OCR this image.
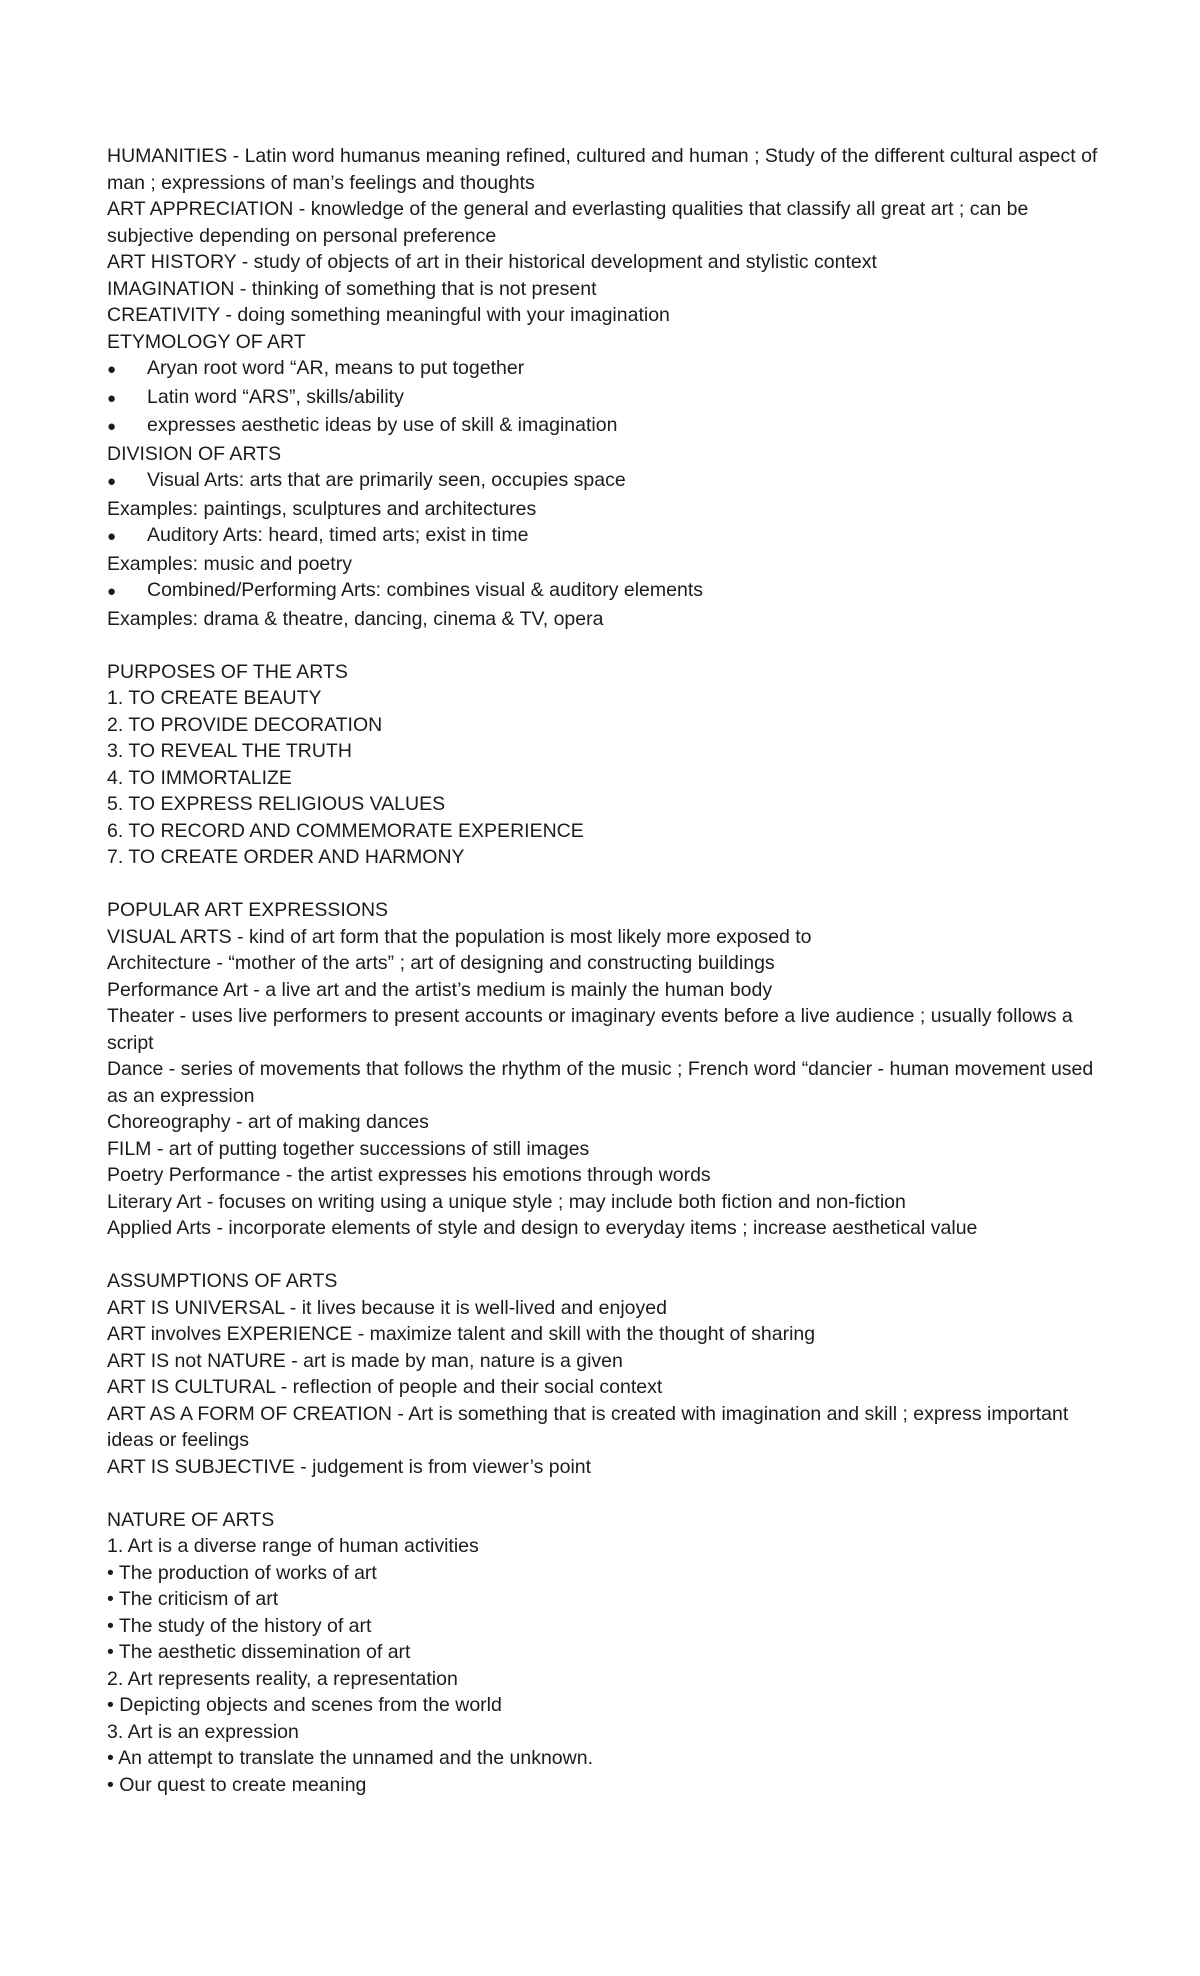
HUMANITIES - Latin word humanus meaning refined, cultured and human ; Study of the different cultural aspect of man ; expressions of man’s feelings and thoughts

ART APPRECIATION - knowledge of the general and everlasting qualities that classify all great art ; can be subjective depending on personal preference

ART HISTORY - study of objects of art in their historical development and stylistic context

IMAGINATION - thinking of something that is not present

CREATIVITY - doing something meaningful with your imagination

ETYMOLOGY OF ART

●	Aryan root word “AR, means to put together
●	Latin word “ARS”, skills/ability
●	expresses aesthetic ideas by use of skill & imagination

DIVISION OF ARTS

●	Visual Arts: arts that are primarily seen, occupies space

Examples: paintings, sculptures and architectures

●	Auditory Arts: heard, timed arts; exist in time

Examples: music and poetry

●	Combined/Performing Arts: combines visual & auditory elements

Examples: drama & theatre, dancing, cinema & TV, opera

PURPOSES OF THE ARTS

1. TO CREATE BEAUTY

2. TO PROVIDE DECORATION

3. TO REVEAL THE TRUTH

4. TO IMMORTALIZE

5. TO EXPRESS RELIGIOUS VALUES

6. TO RECORD AND COMMEMORATE EXPERIENCE

7. TO CREATE ORDER AND HARMONY

POPULAR ART EXPRESSIONS

VISUAL ARTS - kind of art form that the population is most likely more exposed to

Architecture - “mother of the arts” ; art of designing and constructing buildings

Performance Art - a live art and the artist’s medium is mainly the human body

Theater - uses live performers to present accounts or imaginary events before a live audience ; usually follows a script

Dance - series of movements that follows the rhythm of the music ; French word “dancier - human movement used as an expression

Choreography - art of making dances

FILM - art of putting together successions of still images

Poetry Performance - the artist expresses his emotions through words

Literary Art - focuses on writing using a unique style ; may include both fiction and non-fiction

Applied Arts - incorporate elements of style and design to everyday items ; increase aesthetical value

ASSUMPTIONS OF ARTS

ART IS UNIVERSAL - it lives because it is well-lived and enjoyed

ART involves EXPERIENCE - maximize talent and skill with the thought of sharing

ART IS not NATURE - art is made by man, nature is a given

ART IS CULTURAL - reflection of people and their social context

ART AS A FORM OF CREATION - Art is something that is created with imagination and skill ; express important ideas or feelings

ART IS SUBJECTIVE - judgement is from viewer’s point

NATURE OF ARTS

1. Art is a diverse range of human activities

• The production of works of art

• The criticism of art

• The study of the history of art

• The aesthetic dissemination of art

2. Art represents reality, a representation

• Depicting objects and scenes from the world

3. Art is an expression

• An attempt to translate the unnamed and the unknown.

• Our quest to create meaning
